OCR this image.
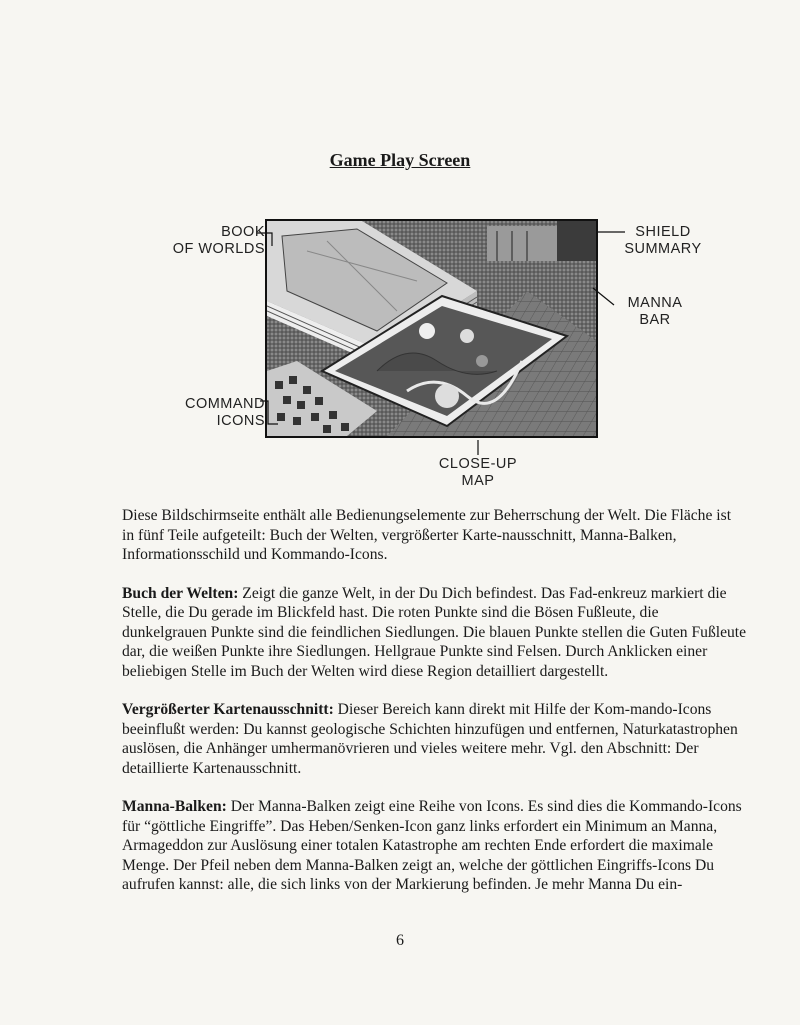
Game Play Screen
BOOK
OF WORLDS
SHIELD
SUMMARY
MANNA
BAR
COMMAND
ICONS
CLOSE-UP
MAP

Diese Bildschirmseite enthält alle Bedienungselemente zur Beherrschung der Welt. Die Fläche ist in fünf Teile aufgeteilt: Buch der Welten, vergrößerter Karte-nausschnitt, Manna-Balken, Informationsschild und Kommando-Icons.

Buch der Welten: Zeigt die ganze Welt, in der Du Dich befindest. Das Fad-enkreuz markiert die Stelle, die Du gerade im Blickfeld hast. Die roten Punkte sind die Bösen Fußleute, die dunkelgrauen Punkte sind die feindlichen Siedlungen. Die blauen Punkte stellen die Guten Fußleute dar, die weißen Punkte ihre Siedlungen. Hellgraue Punkte sind Felsen. Durch Anklicken einer beliebigen Stelle im Buch der Welten wird diese Region detailliert dargestellt.

Vergrößerter Kartenausschnitt: Dieser Bereich kann direkt mit Hilfe der Kom-mando-Icons beeinflußt werden: Du kannst geologische Schichten hinzufügen und entfernen, Naturkatastrophen auslösen, die Anhänger umhermanövrieren und vieles weitere mehr. Vgl. den Abschnitt: Der detaillierte Kartenausschnitt.

Manna-Balken: Der Manna-Balken zeigt eine Reihe von Icons. Es sind dies die Kommando-Icons für “göttliche Eingriffe”. Das Heben/Senken-Icon ganz links erfordert ein Minimum an Manna, Armageddon zur Auslösung einer totalen Katastrophe am rechten Ende erfordert die maximale Menge. Der Pfeil neben dem Manna-Balken zeigt an, welche der göttlichen Eingriffs-Icons Du aufrufen kannst: alle, die sich links von der Markierung befinden. Je mehr Manna Du ein-

6
